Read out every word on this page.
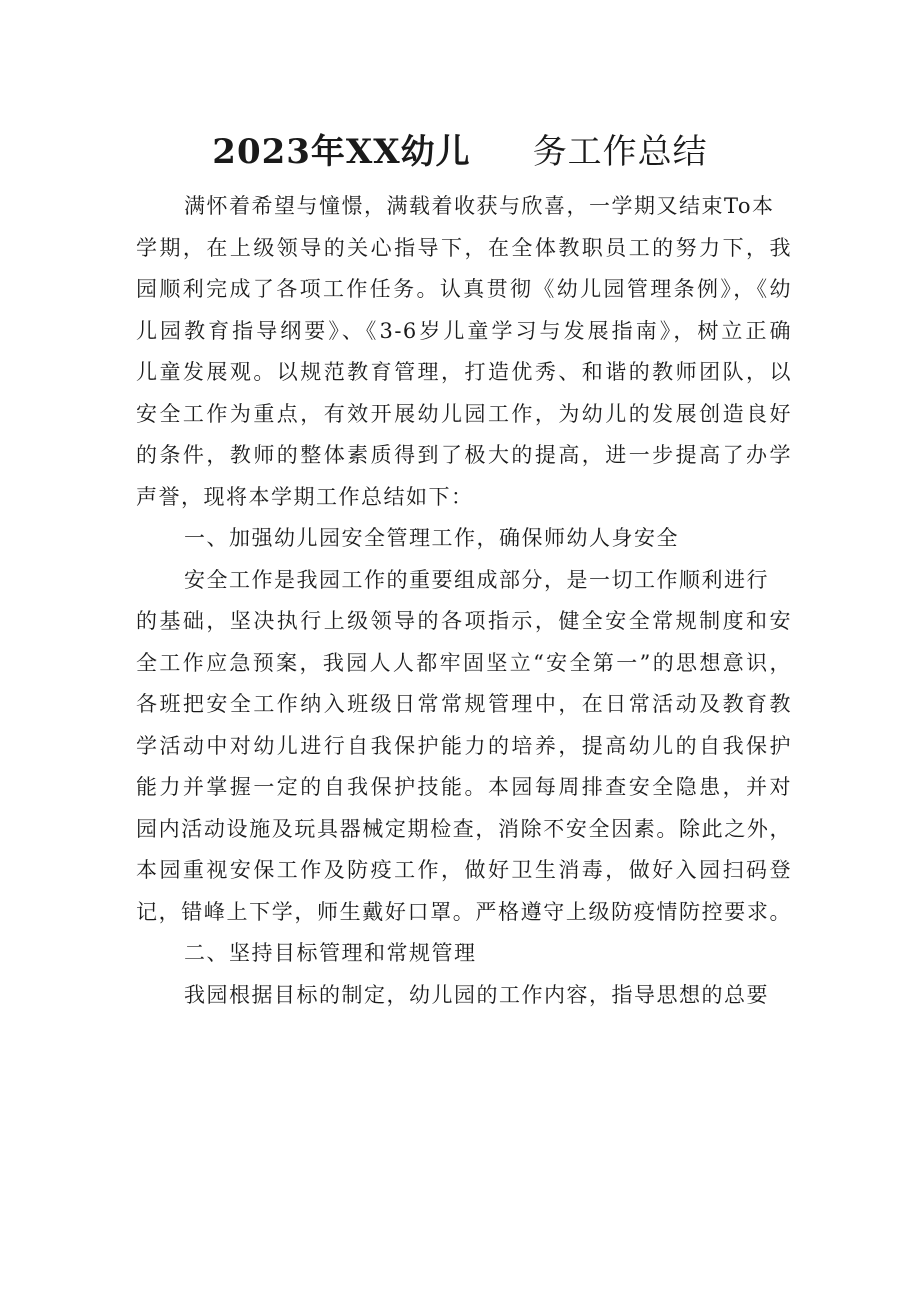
2023年XX幼儿 务工作总结
满怀着希望与憧憬，满载着收获与欣喜，一学期又结束To本
学期，在上级领导的关心指导下，在全体教职员工的努力下，我
园顺利完成了各项工作任务。认真贯彻《幼儿园管理条例》，《幼
儿园教育指导纲要》、《3-6岁儿童学习与发展指南》，树立正确
儿童发展观。以规范教育管理，打造优秀、和谐的教师团队，以
安全工作为重点，有效开展幼儿园工作，为幼儿的发展创造良好
的条件，教师的整体素质得到了极大的提高，进一步提高了办学
声誉，现将本学期工作总结如下：
一、加强幼儿园安全管理工作，确保师幼人身安全
安全工作是我园工作的重要组成部分，是一切工作顺利进行
的基础，坚决执行上级领导的各项指示，健全安全常规制度和安
全工作应急预案，我园人人都牢固坚立“安全第一”的思想意识，
各班把安全工作纳入班级日常常规管理中，在日常活动及教育教
学活动中对幼儿进行自我保护能力的培养，提高幼儿的自我保护
能力并掌握一定的自我保护技能。本园每周排查安全隐患，并对
园内活动设施及玩具器械定期检查，消除不安全因素。除此之外，
本园重视安保工作及防疫工作，做好卫生消毒，做好入园扫码登
记，错峰上下学，师生戴好口罩。严格遵守上级防疫情防控要求。
二、坚持目标管理和常规管理
我园根据目标的制定，幼儿园的工作内容，指导思想的总要
